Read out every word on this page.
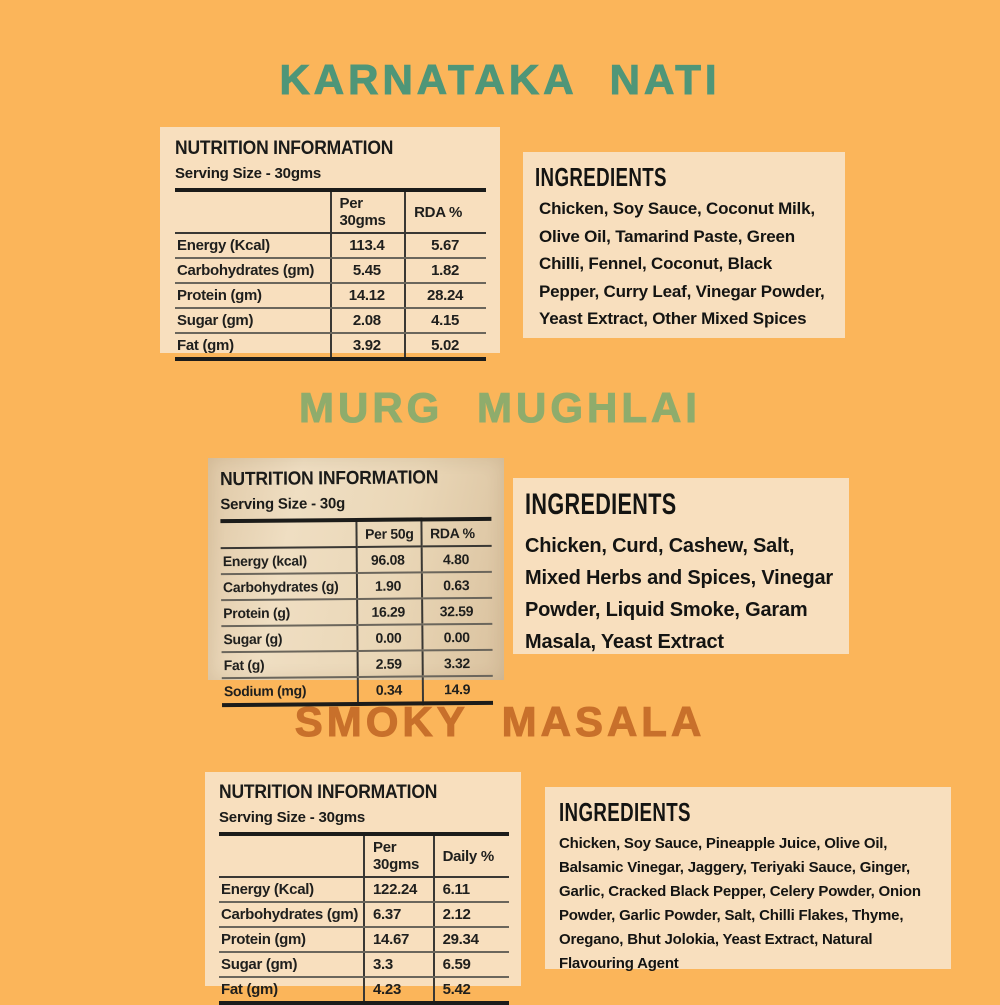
KARNATAKA NATI
NUTRITION INFORMATION
Serving Size - 30gms
	Per 30gms	RDA %
Energy (Kcal)	113.4	5.67
Carbohydrates (gm)	5.45	1.82
Protein (gm)	14.12	28.24
Sugar (gm)	2.08	4.15
Fat (gm)	3.92	5.02
INGREDIENTS
Chicken, Soy Sauce, Coconut Milk, Olive Oil, Tamarind Paste, Green Chilli, Fennel, Coconut, Black Pepper, Curry Leaf, Vinegar Powder, Yeast Extract, Other Mixed Spices
MURG MUGHLAI
NUTRITION INFORMATION
Serving Size - 30g
	Per 50g	RDA %
Energy (kcal)	96.08	4.80
Carbohydrates (g)	1.90	0.63
Protein (g)	16.29	32.59
Sugar (g)	0.00	0.00
Fat (g)	2.59	3.32
Sodium (mg)	0.34	14.9
INGREDIENTS
Chicken, Curd, Cashew, Salt, Mixed Herbs and Spices, Vinegar Powder, Liquid Smoke, Garam Masala, Yeast Extract
SMOKY MASALA
NUTRITION INFORMATION
Serving Size - 30gms
	Per 30gms	Daily %
Energy (Kcal)	122.24	6.11
Carbohydrates (gm)	6.37	2.12
Protein (gm)	14.67	29.34
Sugar (gm)	3.3	6.59
Fat (gm)	4.23	5.42
INGREDIENTS
Chicken, Soy Sauce, Pineapple Juice, Olive Oil, Balsamic Vinegar, Jaggery, Teriyaki Sauce, Ginger, Garlic, Cracked Black Pepper, Celery Powder, Onion Powder, Garlic Powder, Salt, Chilli Flakes, Thyme, Oregano, Bhut Jolokia, Yeast Extract, Natural Flavouring Agent
